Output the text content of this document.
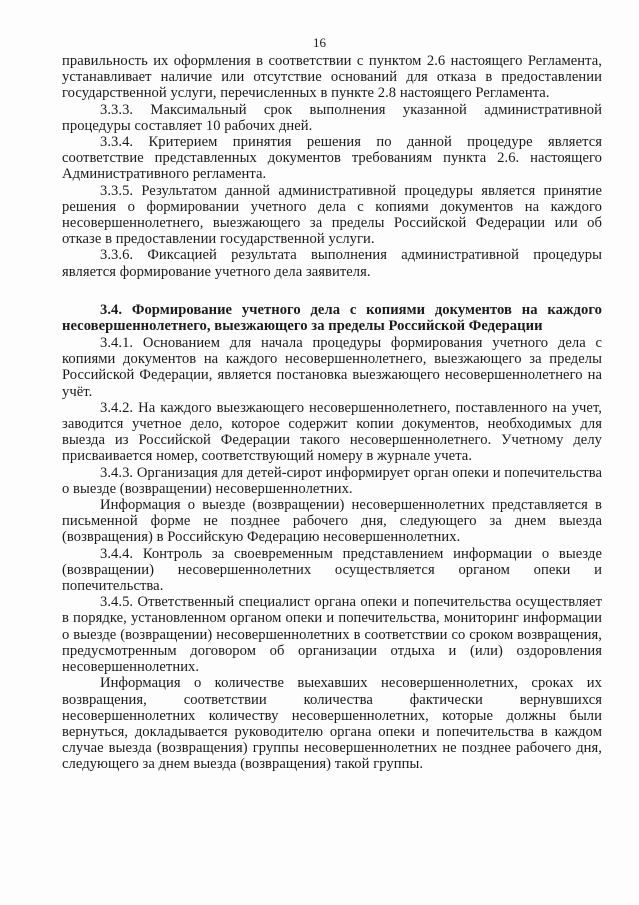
16

правильность их оформления в соответствии с пунктом 2.6 настоящего Регламента, устанавливает наличие или отсутствие оснований для отказа в предоставлении государственной услуги, перечисленных в пункте 2.8 настоящего Регламента.

3.3.3. Максимальный срок выполнения указанной административной процедуры составляет 10 рабочих дней.

3.3.4. Критерием принятия решения по данной процедуре является соответствие представленных документов требованиям пункта 2.6. настоящего Административного регламента.

3.3.5. Результатом данной административной процедуры является принятие решения о формировании учетного дела с копиями документов на каждого несовершеннолетнего, выезжающего за пределы Российской Федерации или об отказе в предоставлении государственной услуги.

3.3.6. Фиксацией результата выполнения административной процедуры является формирование учетного дела заявителя.

3.4. Формирование учетного дела с копиями документов на каждого несовершеннолетнего, выезжающего за пределы Российской Федерации

3.4.1. Основанием для начала процедуры формирования учетного дела с копиями документов на каждого несовершеннолетнего, выезжающего за пределы Российской Федерации, является постановка выезжающего несовершеннолетнего на учёт.

3.4.2. На каждого выезжающего несовершеннолетнего, поставленного на учет, заводится учетное дело, которое содержит копии документов, необходимых для выезда из Российской Федерации такого несовершеннолетнего. Учетному делу присваивается номер, соответствующий номеру в журнале учета.

3.4.3. Организация для детей-сирот информирует орган опеки и попечительства о выезде (возвращении) несовершеннолетних.

Информация о выезде (возвращении) несовершеннолетних представляется в письменной форме не позднее рабочего дня, следующего за днем выезда (возвращения) в Российскую Федерацию несовершеннолетних.

3.4.4. Контроль за своевременным представлением информации о выезде (возвращении) несовершеннолетних осуществляется органом опеки и попечительства.

3.4.5. Ответственный специалист органа опеки и попечительства осуществляет в порядке, установленном органом опеки и попечительства, мониторинг информации о выезде (возвращении) несовершеннолетних в соответствии со сроком возвращения, предусмотренным договором об организации отдыха и (или) оздоровления несовершеннолетних.

Информация о количестве выехавших несовершеннолетних, сроках их возвращения, соответствии количества фактически вернувшихся несовершеннолетних количеству несовершеннолетних, которые должны были вернуться, докладывается руководителю органа опеки и попечительства в каждом случае выезда (возвращения) группы несовершеннолетних не позднее рабочего дня, следующего за днем выезда (возвращения) такой группы.
